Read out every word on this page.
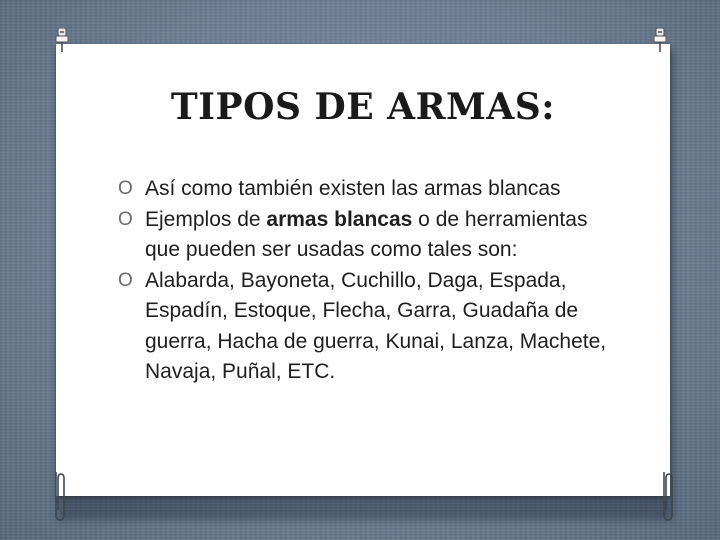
TIPOS DE ARMAS:
O Así como también existen las armas blancas
O Ejemplos de armas blancas o de herramientas que pueden ser usadas como tales son:
O Alabarda, Bayoneta, Cuchillo, Daga, Espada, Espadín, Estoque, Flecha, Garra, Guadaña de guerra, Hacha de guerra, Kunai, Lanza, Machete, Navaja, Puñal, ETC.
